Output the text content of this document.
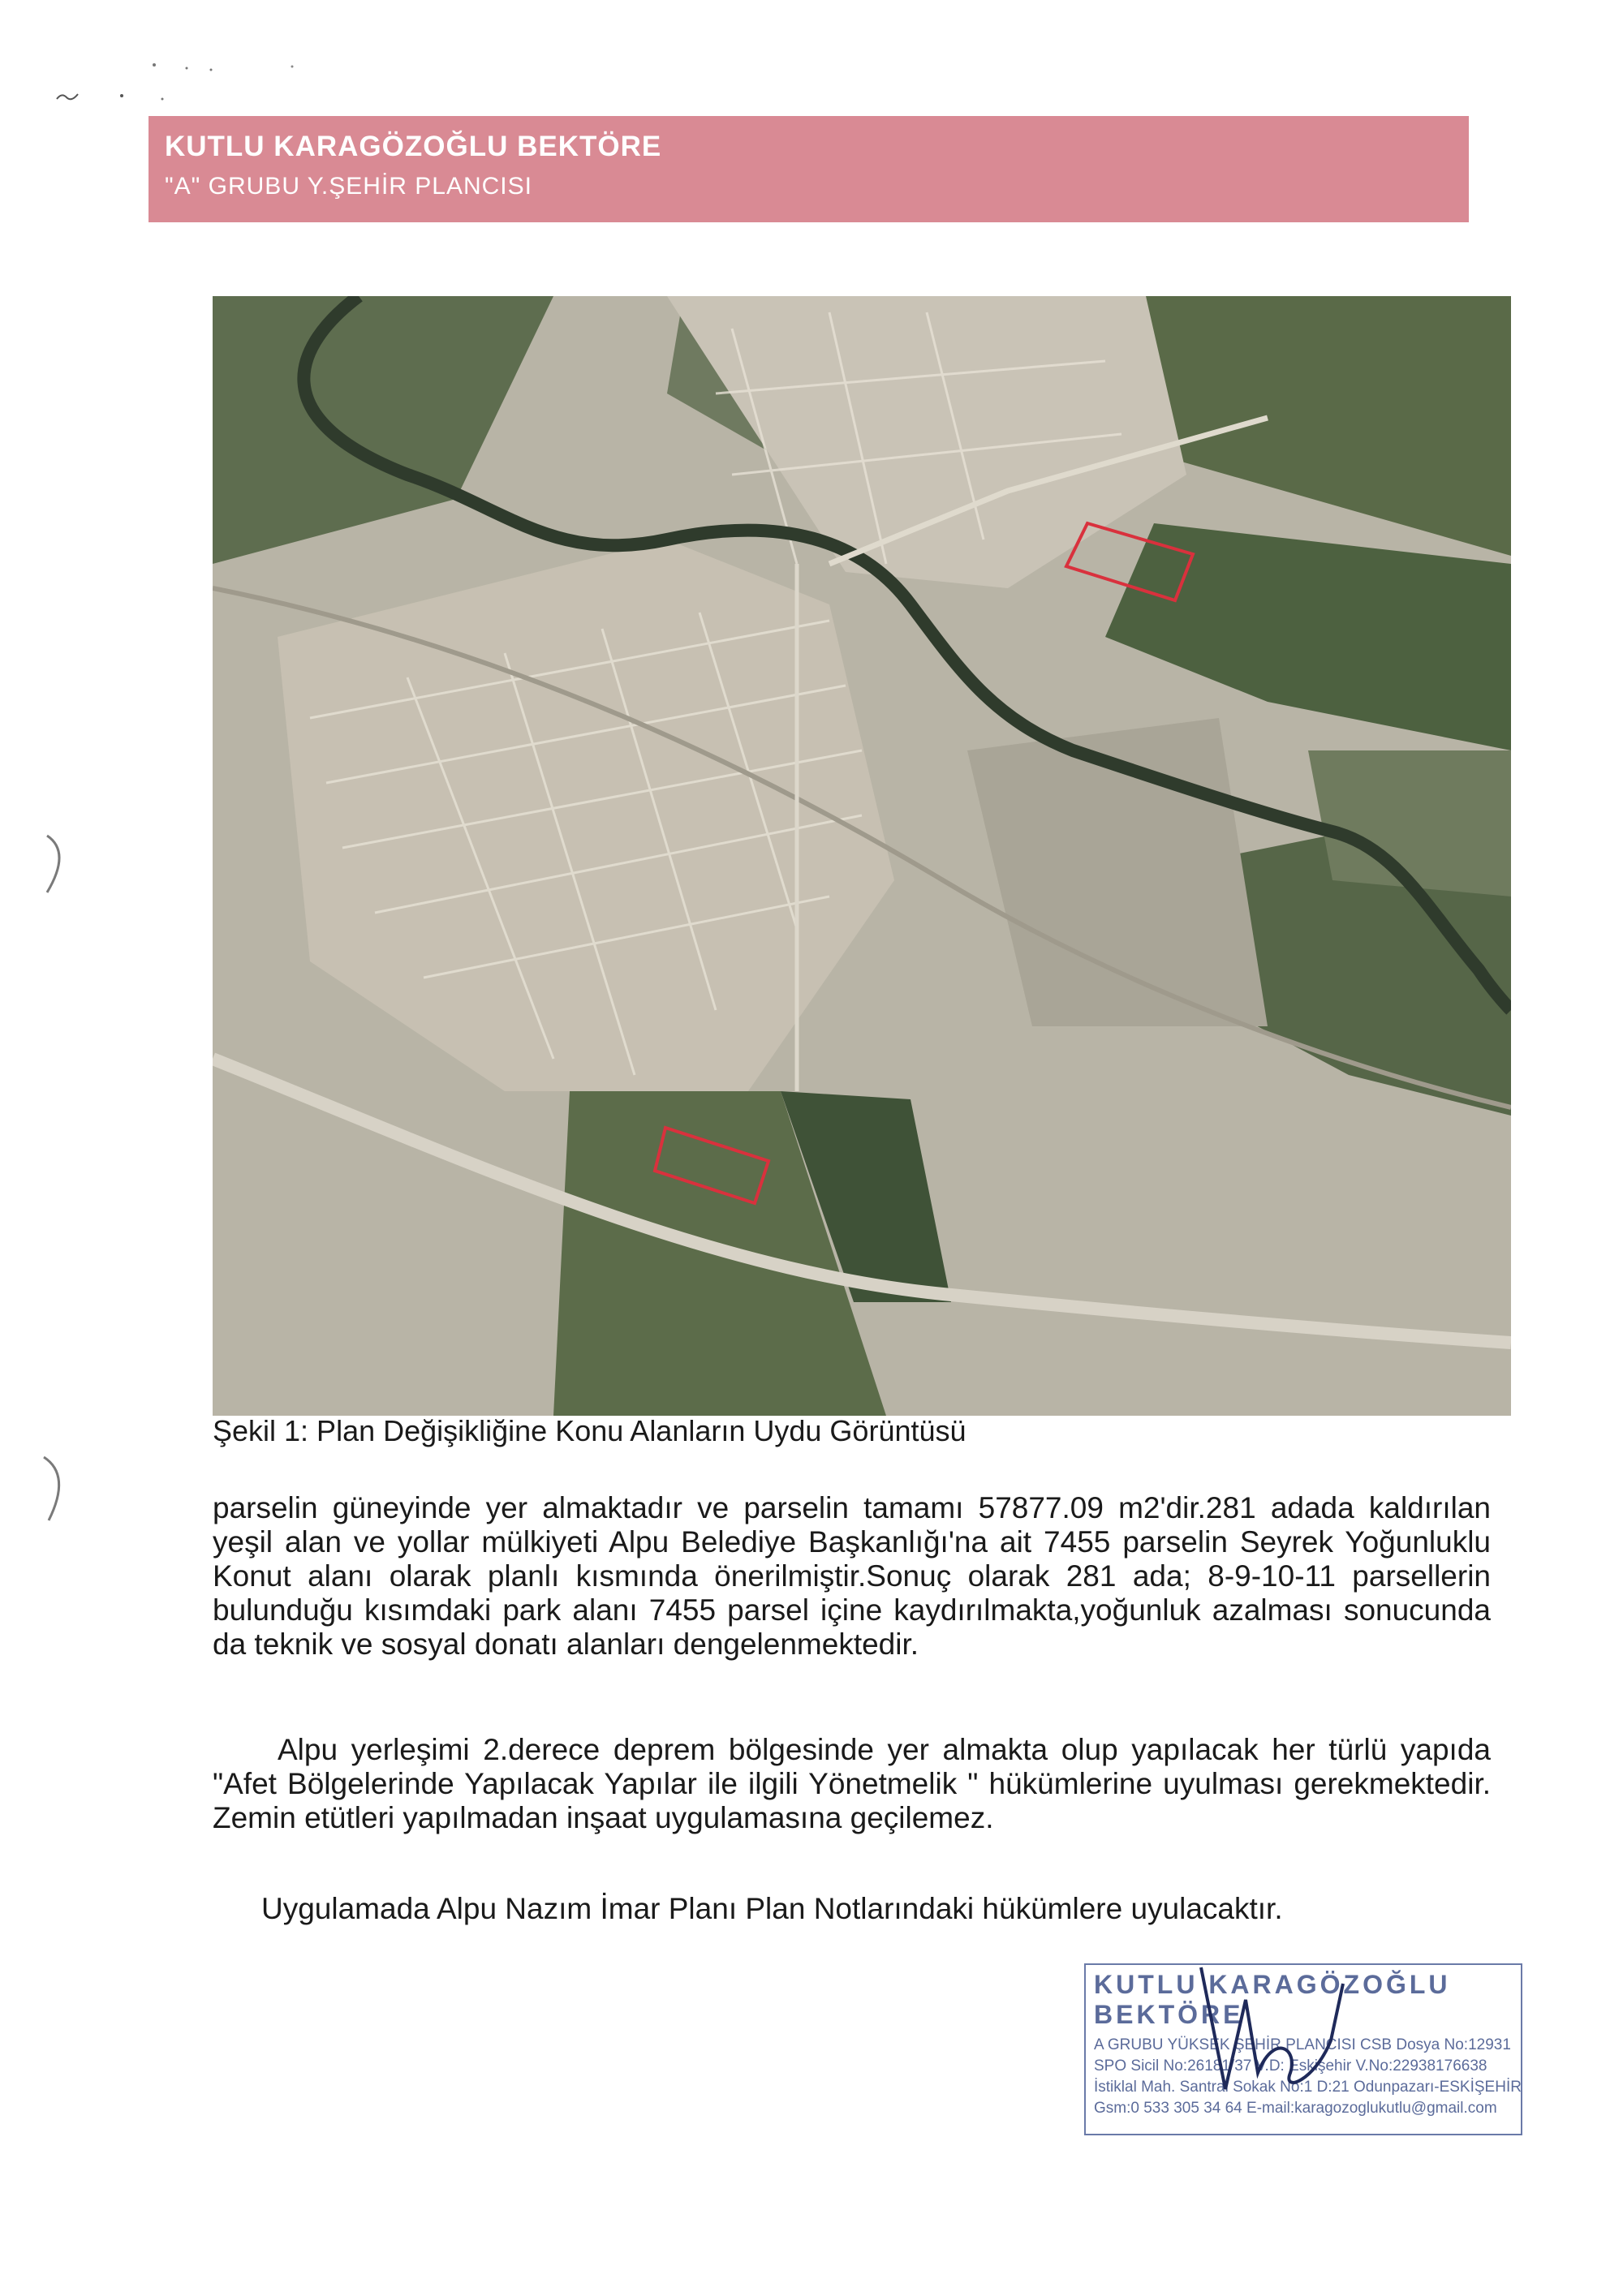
KUTLU KARAGÖZOĞLU BEKTÖRE
"A" GRUBU Y.ŞEHİR PLANCISI
Şekil 1: Plan Değişikliğine Konu Alanların Uydu Görüntüsü

parselin güneyinde yer almaktadır ve parselin tamamı 57877.09 m2'dir.281 adada kaldırılan yeşil alan ve yollar mülkiyeti Alpu Belediye Başkanlığı'na ait 7455 parselin Seyrek Yoğunluklu Konut alanı olarak planlı kısmında önerilmiştir.Sonuç olarak 281 ada; 8-9-10-11 parsellerin bulunduğu kısımdaki park alanı 7455 parsel içine kaydırılmakta,yoğunluk azalması sonucunda da teknik ve sosyal donatı alanları dengelenmektedir.

Alpu yerleşimi 2.derece deprem bölgesinde yer almakta olup yapılacak her türlü yapıda "Afet Bölgelerinde Yapılacak Yapılar ile ilgili Yönetmelik " hükümlerine uyulması gerekmektedir. Zemin etütleri yapılmadan inşaat uygulamasına geçilemez.

Uygulamada Alpu Nazım İmar Planı Plan Notlarındaki hükümlere uyulacaktır.

KUTLU KARAGÖZOĞLU BEKTÖRE
A GRUBU YÜKSEK ŞEHİR PLANCISI CSB Dosya No:12931
SPO Sicil No:26181/37 V.D: Eskişehir V.No:22938176638
İstiklal Mah. Santral Sokak No:1 D:21 Odunpazarı-ESKİŞEHİR
Gsm:0 533 305 34 64 E-mail:karagozoglukutlu@gmail.com
